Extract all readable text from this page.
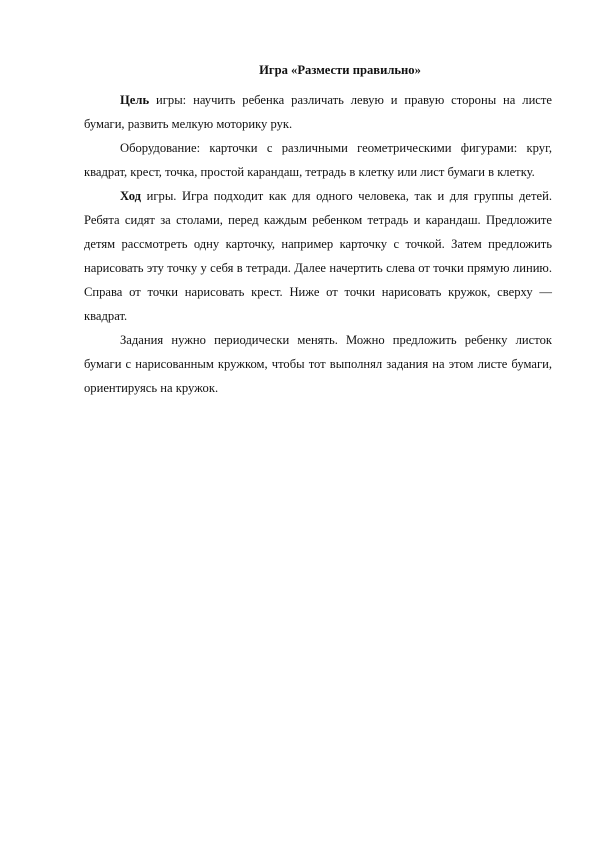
Игра «Размести правильно»

Цель игры: научить ребенка различать левую и правую стороны на листе бумаги, развить мелкую моторику рук.

Оборудование: карточки с различными геометрическими фигурами: круг, квадрат, крест, точка, простой карандаш, тетрадь в клетку или лист бумаги в клетку.

Ход игры. Игра подходит как для одного человека, так и для группы детей. Ребята сидят за столами, перед каждым ребенком тетрадь и карандаш. Предложите детям рассмотреть одну карточку, например карточку с точкой. Затем предложить нарисовать эту точку у себя в тетради. Далее начертить слева от точки прямую линию. Справа от точки нарисовать крест. Ниже от точки нарисовать кружок, сверху — квадрат.

Задания нужно периодически менять. Можно предложить ребенку листок бумаги с нарисованным кружком, чтобы тот выполнял задания на этом листе бумаги, ориентируясь на кружок.
